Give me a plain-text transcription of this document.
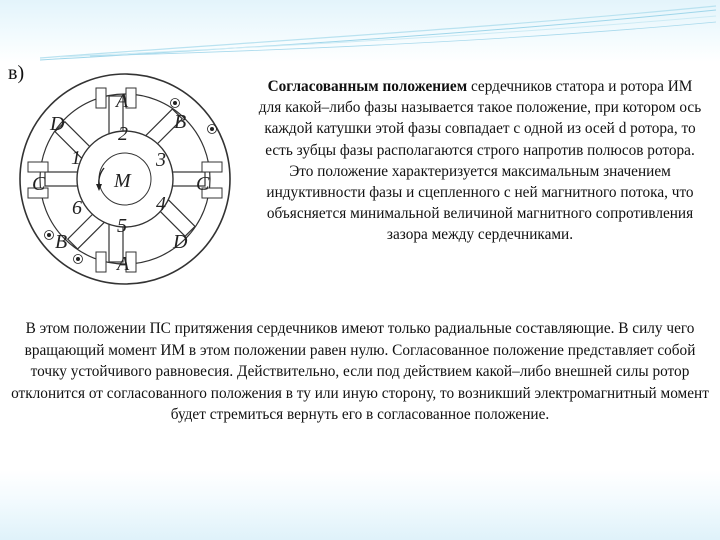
в)
A
A
B
B
C	C
D
D
1
2
3
4
5
6
M

Согласованным положением сердечников статора и ротора ИМ для какой–либо фазы называется такое положение, при котором ось каждой катушки этой фазы совпадает с одной из осей d ротора, то есть зубцы фазы располагаются строго напротив полюсов ротора. Это положение характеризуется максимальным значением индуктивности фазы и сцепленного с ней магнитного потока, что объясняется минимальной величиной магнитного сопротивления зазора между сердечниками.

В этом положении ПС притяжения сердечников имеют только радиальные составляющие. В силу чего вращающий момент ИМ в этом положении равен нулю. Согласованное положение представляет собой точку устойчивого равновесия. Действительно, если под действием какой–либо внешней силы ротор отклонится от согласованного положения в ту или иную сторону, то возникший электромагнитный момент будет стремиться вернуть его в согласованное положение.
